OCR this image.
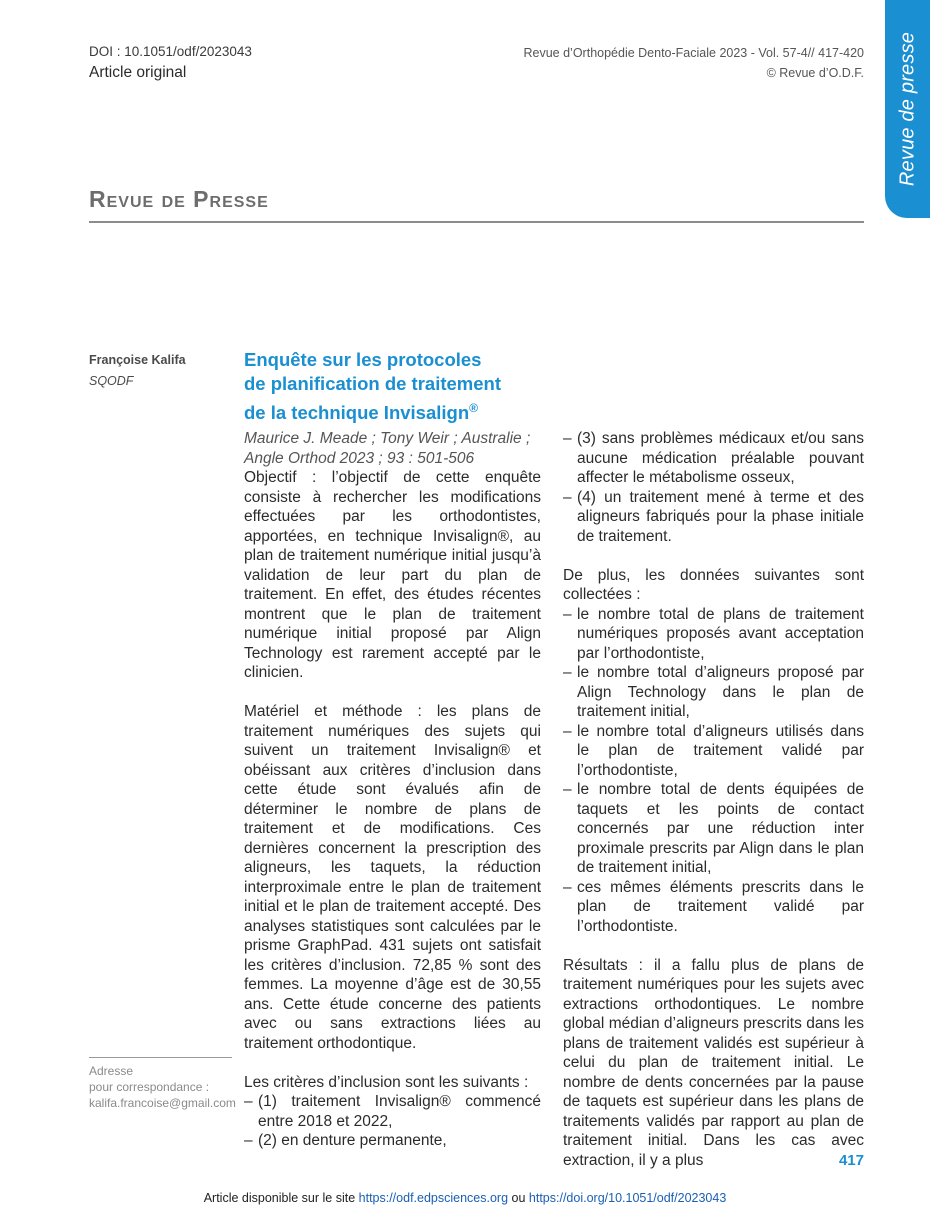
DOI : 10.1051/odf/2023043
Article original
Revue d’Orthopédie Dento-Faciale 2023 - Vol. 57-4// 417-420
© Revue d’O.D.F. Revue de presse
Revue de Presse
Françoise Kalifa
SQODF
Adresse
pour correspondance :
kalifa.francoise@gmail.com
Enquête sur les protocoles
de planification de traitement
de la technique Invisalign®

Maurice J. Meade ; Tony Weir ; Australie ;

Angle Orthod 2023 ; 93 : 501-506

Objectif : l’objectif de cette enquête consiste à rechercher les modifications effectuées par les orthodontistes, apportées, en technique Invisalign®, au plan de traitement numérique initial jusqu’à validation de leur part du plan de traitement. En effet, des études récentes montrent que le plan de traitement numérique initial proposé par Align Technology est rarement accepté par le clinicien.

Matériel et méthode : les plans de traitement numériques des sujets qui suivent un traitement Invisalign® et obéissant aux critères d’inclusion dans cette étude sont évalués afin de déterminer le nombre de plans de traitement et de modifications. Ces dernières concernent la prescription des aligneurs, les taquets, la réduction interproximale entre le plan de traitement initial et le plan de traitement accepté. Des analyses statistiques sont calculées par le prisme GraphPad. 431 sujets ont satisfait les critères d’inclusion. 72,85 % sont des femmes. La moyenne d’âge est de 30,55 ans. Cette étude concerne des patients avec ou sans extractions liées au traitement orthodontique.

Les critères d’inclusion sont les suivants :

– (1) traitement Invisalign® commencé entre 2018 et 2022,
– (2) en denture permanente,
– (3) sans problèmes médicaux et/ou sans aucune médication préalable pouvant affecter le métabolisme osseux,
– (4) un traitement mené à terme et des aligneurs fabriqués pour la phase initiale de traitement.

De plus, les données suivantes sont collectées :

– le nombre total de plans de traitement numériques proposés avant acceptation par l’orthodontiste,
– le nombre total d’aligneurs proposé par Align Technology dans le plan de traitement initial,
– le nombre total d’aligneurs utilisés dans le plan de traitement validé par l’orthodontiste,
– le nombre total de dents équipées de taquets et les points de contact concernés par une réduction inter proximale prescrits par Align dans le plan de traitement initial,
– ces mêmes éléments prescrits dans le plan de traitement validé par l’orthodontiste.

Résultats : il a fallu plus de plans de traitement numériques pour les sujets avec extractions orthodontiques. Le nombre global médian d’aligneurs prescrits dans les plans de traitement validés est supérieur à celui du plan de traitement initial. Le nombre de dents concernées par la pause de taquets est supérieur dans les plans de traitements validés par rapport au plan de traitement initial. Dans les cas avec extraction, il y a plus	417
Article disponible sur le site https://odf.edpsciences.org ou https://doi.org/10.1051/odf/2023043
